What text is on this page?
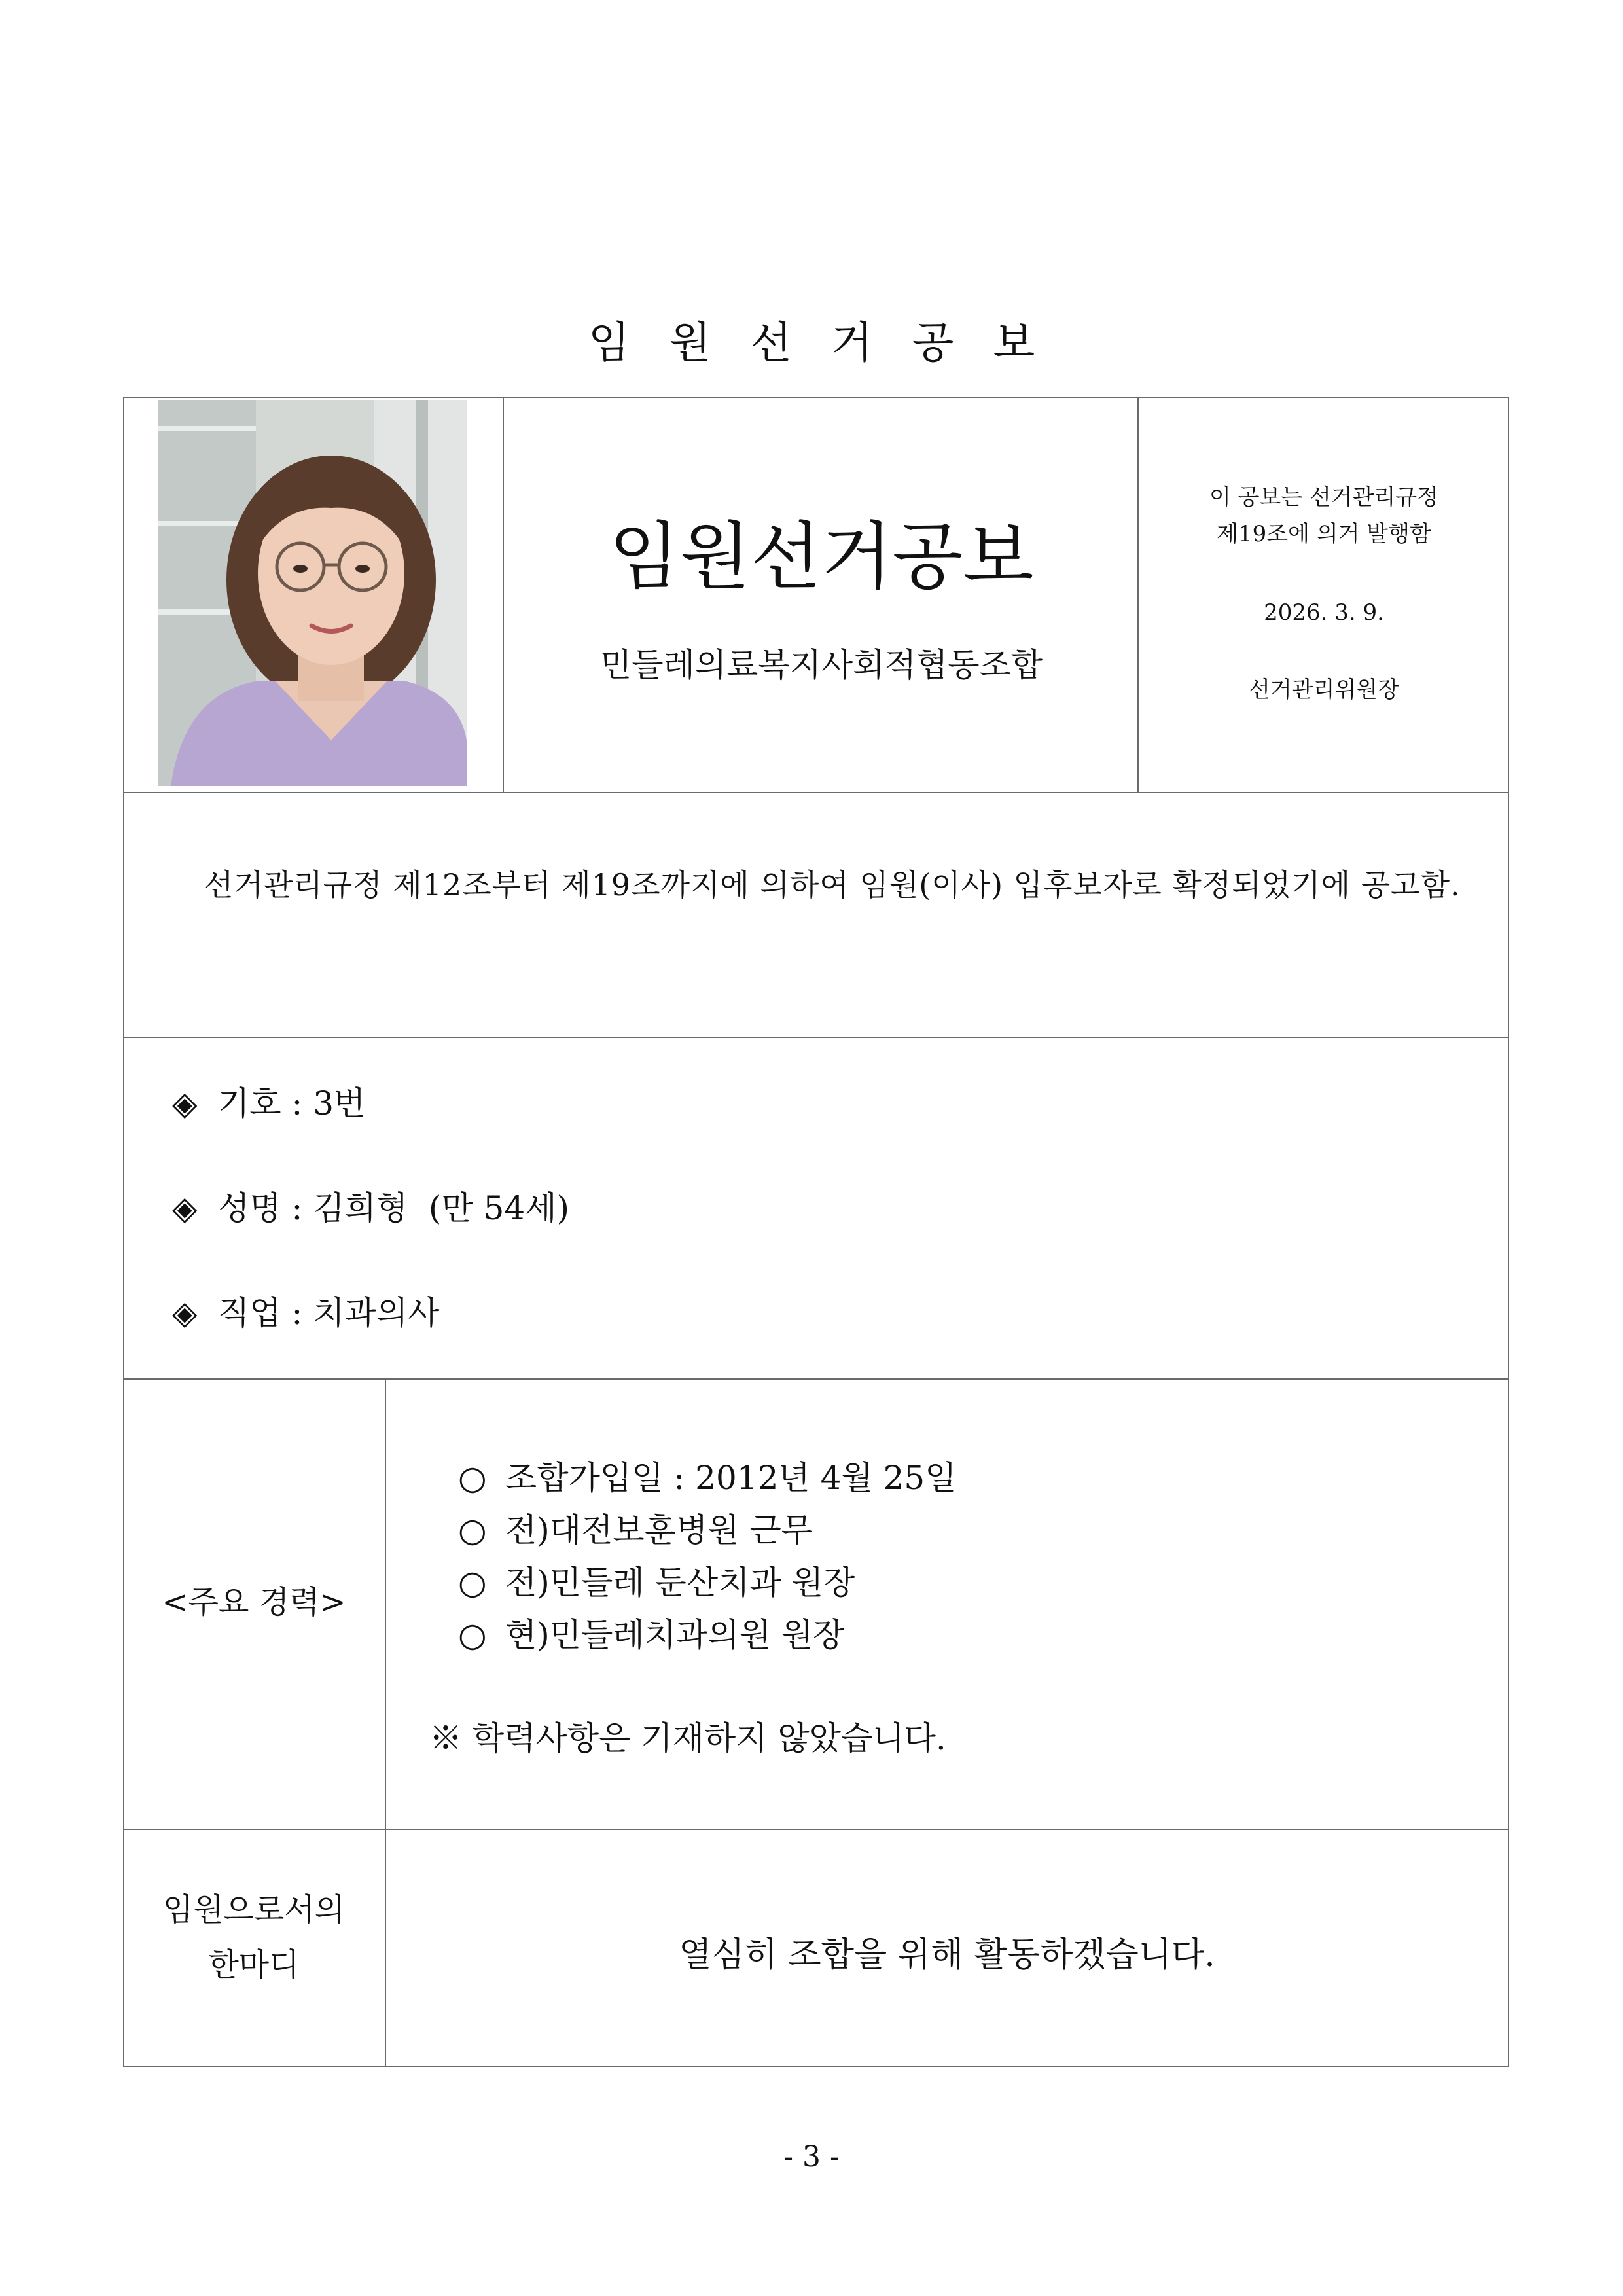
임원선거공보
임원선거공보
민들레의료복지사회적협동조합
이 공보는 선거관리규정
제19조에 의거 발행함
2026. 3. 9.
선거관리위원장
선거관리규정 제12조부터 제19조까지에 의하여 임원(이사) 입후보자로 확정되었기에 공고함.
◈ 기호 : 3번
◈ 성명 : 김희형  (만 54세)
◈ 직업 : 치과의사
<주요 경력>
○ 조합가입일 : 2012년 4월 25일
○ 전)대전보훈병원 근무
○ 전)민들레 둔산치과 원장
○ 현)민들레치과의원 원장
※ 학력사항은 기재하지 않았습니다.
임원으로서의
한마디	열심히 조합을 위해 활동하겠습니다.
- 3 -
